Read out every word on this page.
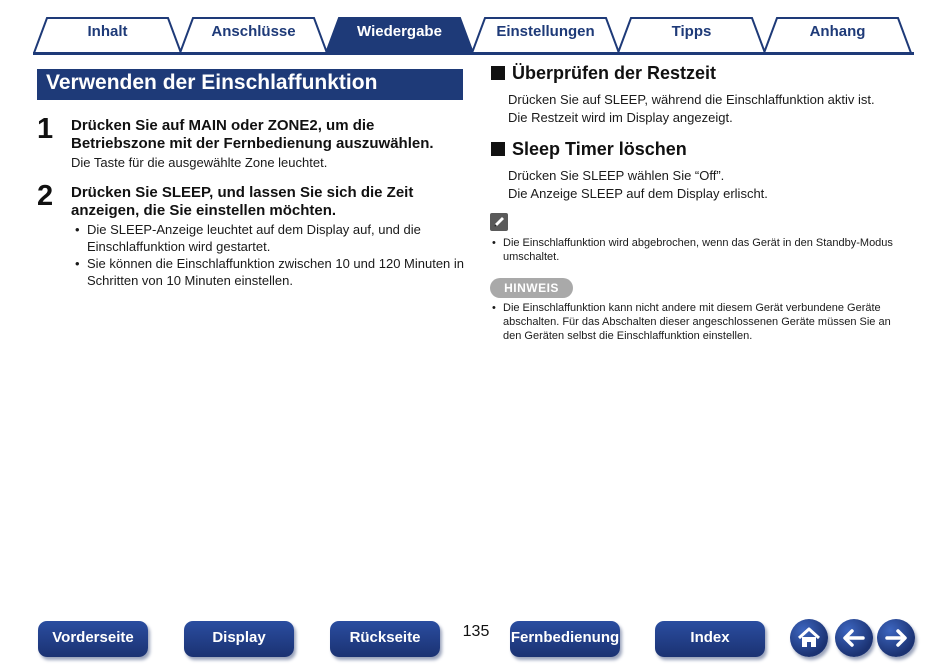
Inhalt	Anschlüsse	Wiedergabe	Einstellungen	Tipps	Anhang
Verwenden der Einschlaffunktion
1 Drücken Sie auf MAIN oder ZONE2, um die Betriebszone mit der Fernbedienung auszuwählen.
Die Taste für die ausgewählte Zone leuchtet.
2 Drücken Sie SLEEP, und lassen Sie sich die Zeit anzeigen, die Sie einstellen möchten.
• Die SLEEP-Anzeige leuchtet auf dem Display auf, und die Einschlaffunktion wird gestartet.
• Sie können die Einschlaffunktion zwischen 10 und 120 Minuten in Schritten von 10 Minuten einstellen.
Überprüfen der Restzeit
Drücken Sie auf SLEEP, während die Einschlaffunktion aktiv ist.
Die Restzeit wird im Display angezeigt.
Sleep Timer löschen
Drücken Sie SLEEP wählen Sie “Off”.
Die Anzeige SLEEP auf dem Display erlischt.
• Die Einschlaffunktion wird abgebrochen, wenn das Gerät in den Standby-Modus umschaltet.
HINWEIS
• Die Einschlaffunktion kann nicht andere mit diesem Gerät verbundene Geräte abschalten. Für das Abschalten dieser angeschlossenen Geräte müssen Sie an den Geräten selbst die Einschlaffunktion einstellen.
Vorderseite	Display	Rückseite	135	Fernbedienung	Index
